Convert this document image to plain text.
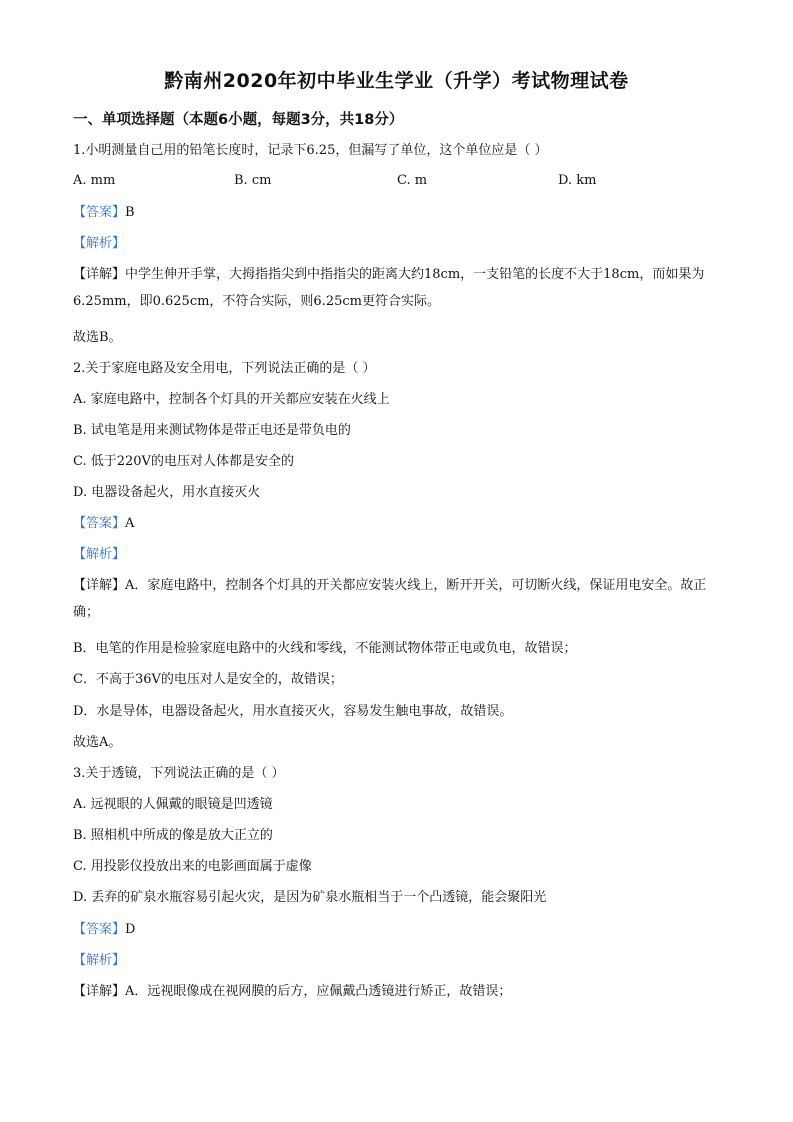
黔南州2020年初中毕业生学业（升学）考试物理试卷
一、单项选择题（本题6小题，每题3分，共18分）
1.小明测量自己用的铅笔长度时，记录下6.25，但漏写了单位，这个单位应是（ ）
A. mm	B. cm	C. m	D. km
【答案】B
【解析】
【详解】中学生伸开手掌，大拇指指尖到中指指尖的距离大约18cm，一支铅笔的长度不大于18cm，而如果为6.25mm，即0.625cm，不符合实际，则6.25cm更符合实际。
故选B。
2.关于家庭电路及安全用电，下列说法正确的是（ ）
A. 家庭电路中，控制各个灯具的开关都应安装在火线上
B. 试电笔是用来测试物体是带正电还是带负电的
C. 低于220V的电压对人体都是安全的
D. 电器设备起火，用水直接灭火
【答案】A
【解析】
【详解】A．家庭电路中，控制各个灯具的开关都应安装火线上，断开开关，可切断火线，保证用电安全。故正确；
B．电笔的作用是检验家庭电路中的火线和零线，不能测试物体带正电或负电，故错误；
C．不高于36V的电压对人是安全的，故错误；
D．水是导体，电器设备起火，用水直接灭火，容易发生触电事故，故错误。
故选A。
3.关于透镜，下列说法正确的是（ ）
A. 远视眼的人佩戴的眼镜是凹透镜
B. 照相机中所成的像是放大正立的
C. 用投影仪投放出来的电影画面属于虚像
D. 丢弃的矿泉水瓶容易引起火灾，是因为矿泉水瓶相当于一个凸透镜，能会聚阳光
【答案】D
【解析】
【详解】A．远视眼像成在视网膜的后方，应佩戴凸透镜进行矫正，故错误；
